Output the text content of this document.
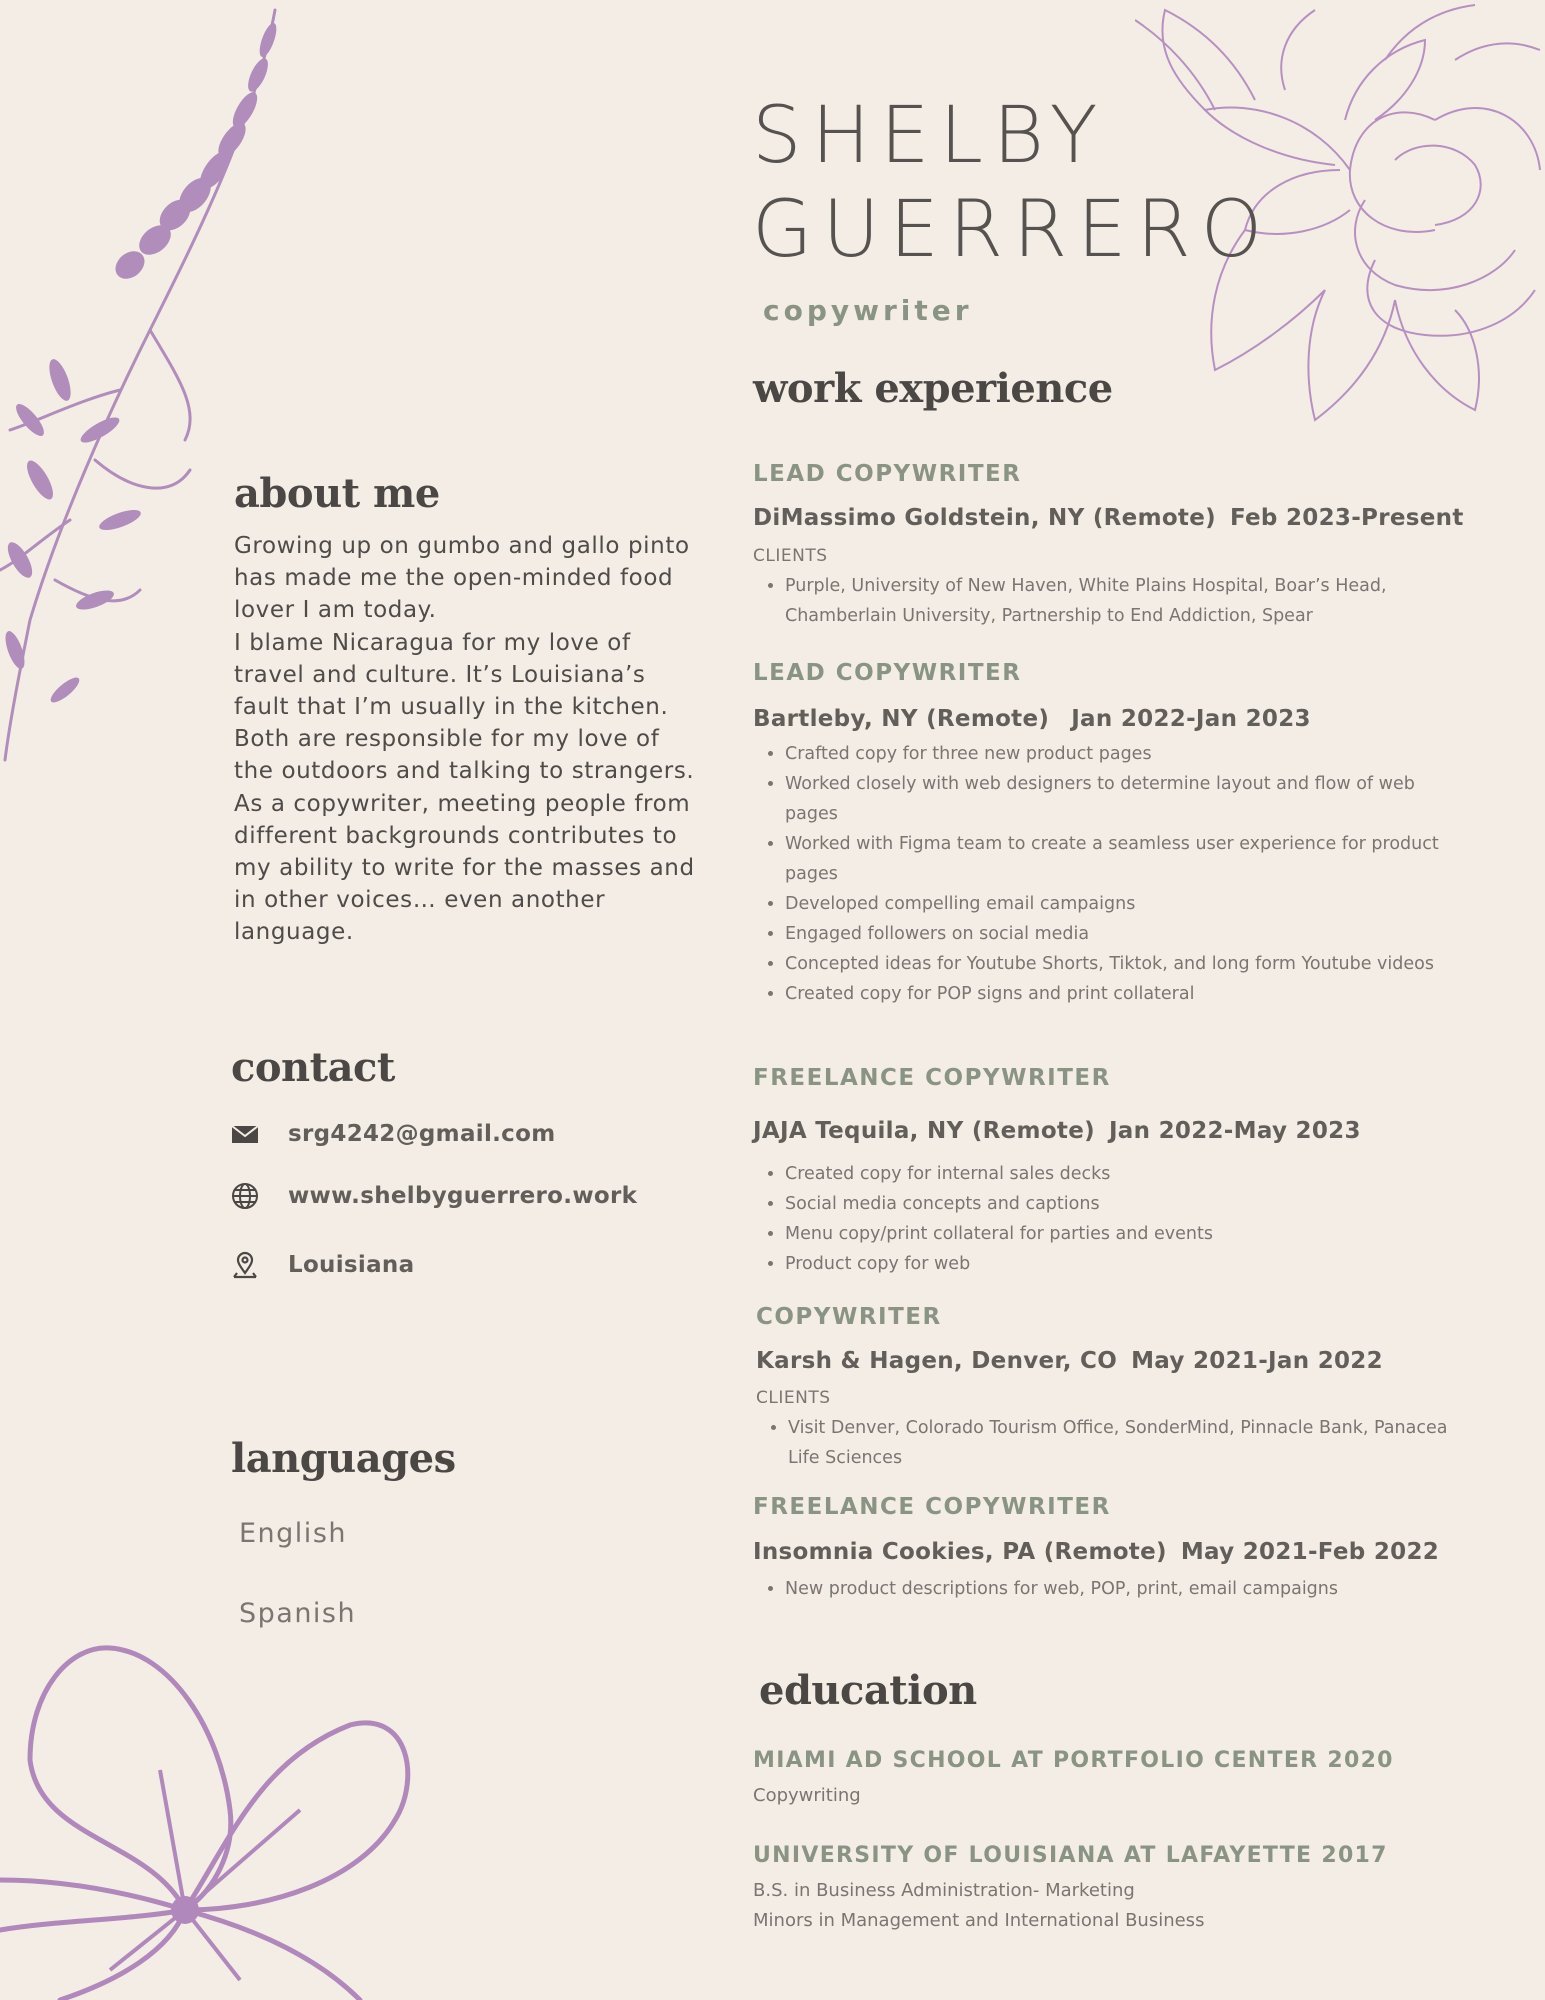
SHELBY
GUERRERO
copywriter
about me

Growing up on gumbo and gallo pinto has made me the open-minded food lover I am today.

I blame Nicaragua for my love of travel and culture. It’s Louisiana’s fault that I’m usually in the kitchen. Both are responsible for my love of the outdoors and talking to strangers.

As a copywriter, meeting people from different backgrounds contributes to my ability to write for the masses and in other voices… even another language.

contact
srg4242@gmail.com
www.shelbyguerrero.work
Louisiana
languages
English
Spanish
work experience
LEAD COPYWRITER
DiMassimo Goldstein, NY (Remote) Feb 2023-Present
CLIENTS
• Purple, University of New Haven, White Plains Hospital, Boar’s Head, Chamberlain University, Partnership to End Addiction, Spear
LEAD COPYWRITER
Bartleby, NY (Remote) Jan 2022-Jan 2023
• Crafted copy for three new product pages
• Worked closely with web designers to determine layout and flow of web pages
• Worked with Figma team to create a seamless user experience for product pages
• Developed compelling email campaigns
• Engaged followers on social media
• Concepted ideas for Youtube Shorts, Tiktok, and long form Youtube videos
• Created copy for POP signs and print collateral
FREELANCE COPYWRITER
JAJA Tequila, NY (Remote) Jan 2022-May 2023
• Created copy for internal sales decks
• Social media concepts and captions
• Menu copy/print collateral for parties and events
• Product copy for web
COPYWRITER
Karsh & Hagen, Denver, CO May 2021-Jan 2022
CLIENTS
• Visit Denver, Colorado Tourism Office, SonderMind, Pinnacle Bank, Panacea Life Sciences
FREELANCE COPYWRITER
Insomnia Cookies, PA (Remote) May 2021-Feb 2022
• New product descriptions for web, POP, print, email campaigns
education
MIAMI AD SCHOOL AT PORTFOLIO CENTER 2020
Copywriting
UNIVERSITY OF LOUISIANA AT LAFAYETTE 2017
B.S. in Business Administration- Marketing
Minors in Management and International Business
